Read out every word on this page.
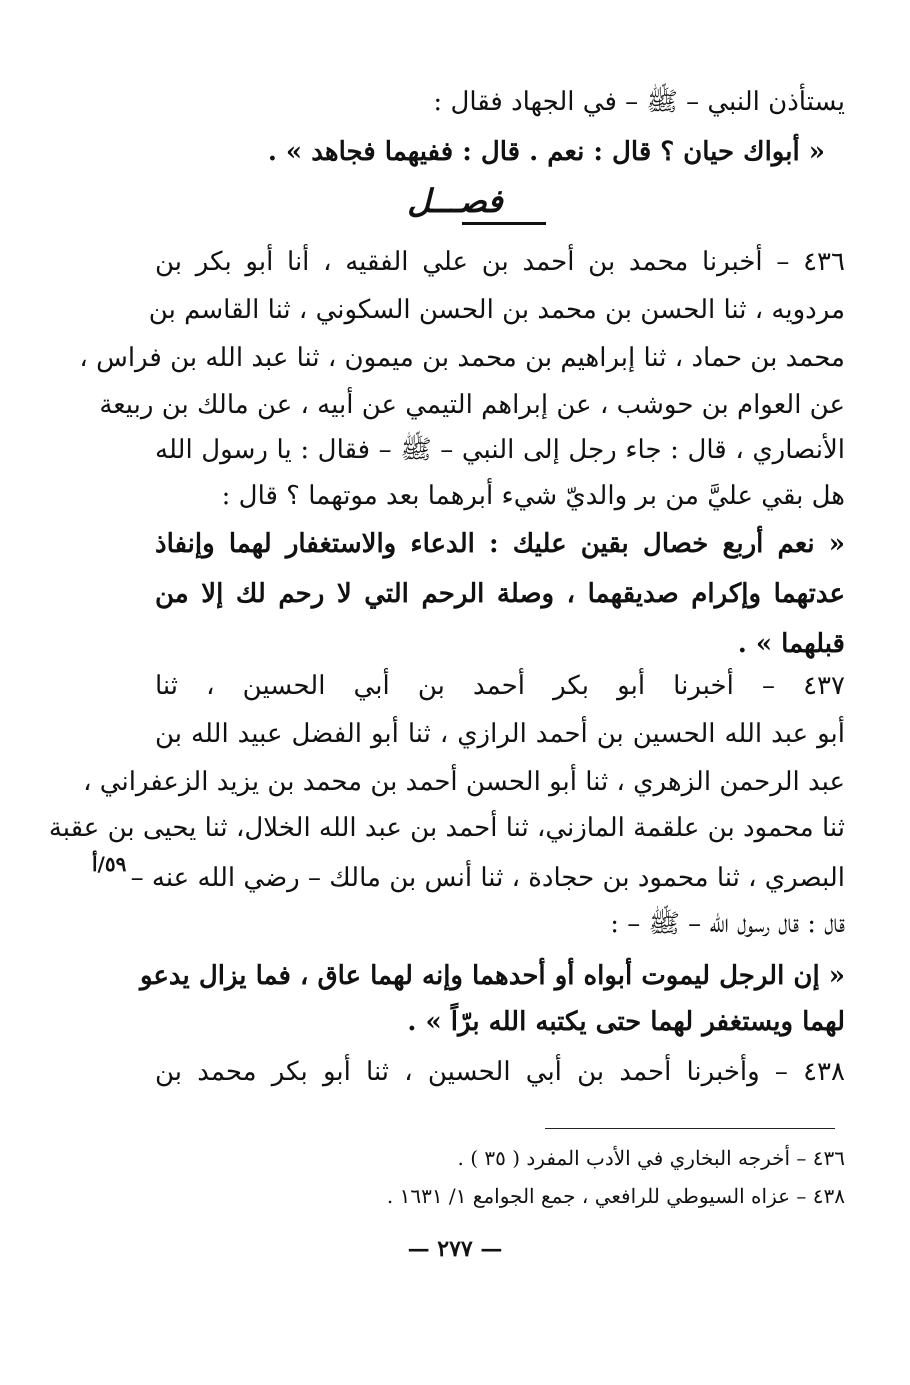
يستأذن النبي – ﷺ – في الجهاد فقال :
« أبواك حيان ؟ قال : نعم . قال : ففيهما فجاهد » .
فصـــل
٤٣٦ – أخبرنا محمد بن أحمد بن علي الفقيه ، أنا أبو بكر بن
مردويه ، ثنا الحسن بن محمد بن الحسن السكوني ، ثنا القاسم بن
محمد بن حماد ، ثنا إبراهيم بن محمد بن ميمون ، ثنا عبد الله بن فراس ،
عن العوام بن حوشب ، عن إبراهم التيمي عن أبيه ، عن مالك بن ربيعة
الأنصاري ، قال : جاء رجل إلى النبي – ﷺ – فقال : يا رسول الله
هل بقي عليَّ من بر والديّ شيء أبرهما بعد موتهما ؟ قال :
« نعم أربع خصال بقين عليك : الدعاء والاستغفار لهما وإنفاذ
عدتهما وإكرام صديقهما ، وصلة الرحم التي لا رحم لك إلا من
قبلهما » .
٤٣٧ – أخبرنا أبو بكر أحمد بن أبي الحسين ، ثنا
أبو عبد الله الحسين بن أحمد الرازي ، ثنا أبو الفضل عبيد الله بن
عبد الرحمن الزهري ، ثنا أبو الحسن أحمد بن محمد بن يزيد الزعفراني ،
ثنا محمود بن علقمة المازني، ثنا أحمد بن عبد الله الخلال، ثنا يحيى بن عقبة
البصري ، ثنا محمود بن حجادة ، ثنا أنس بن مالك – رضي الله عنه –
٥٩/أ
قال : قال رسول الله – ﷺ – :
« إن الرجل ليموت أبواه أو أحدهما وإنه لهما عاق ، فما يزال يدعو
لهما ويستغفر لهما حتى يكتبه الله برّاً » .
٤٣٨ – وأخبرنا أحمد بن أبي الحسين ، ثنا أبو بكر محمد بن
٤٣٦ – أخرجه البخاري في الأدب المفرد ( ٣٥ ) .
٤٣٨ – عزاه السيوطي للرافعي ، جمع الجوامع ١/ ١٦٣١ .
— ٢٧٧ —
